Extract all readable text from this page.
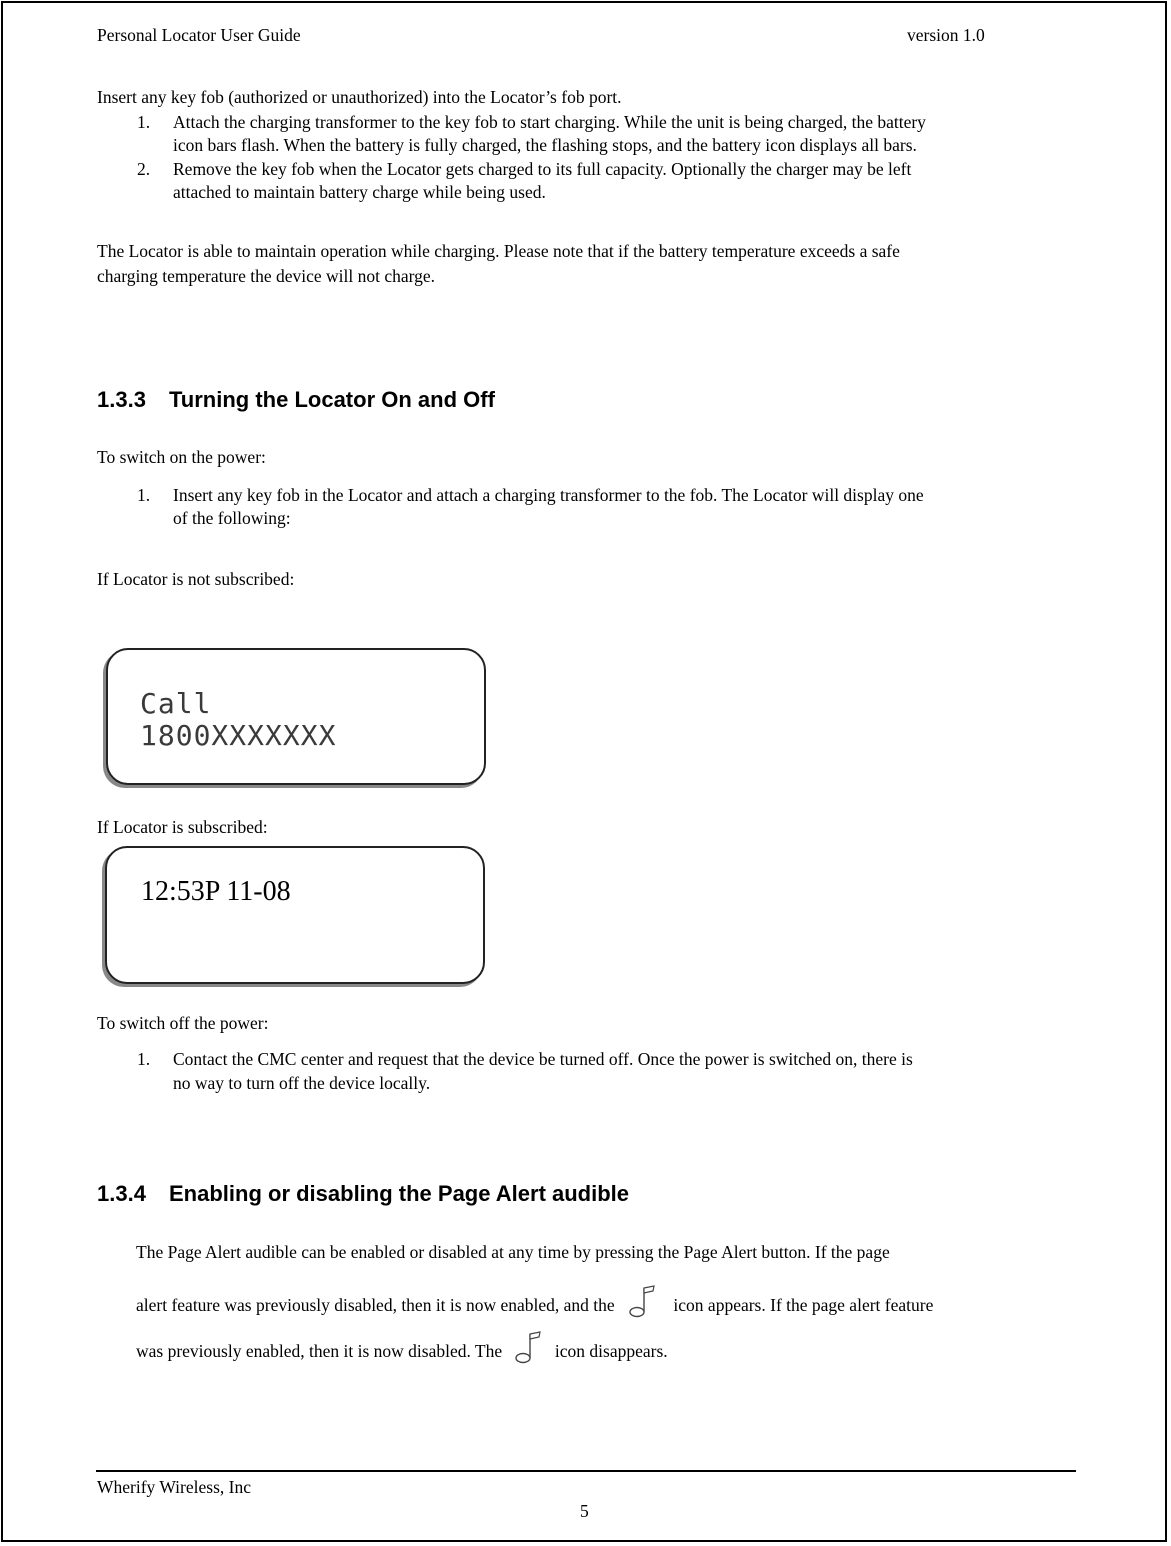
Personal Locator User Guide	version 1.0
Insert any key fob (authorized or unauthorized) into the Locator’s fob port.
1. Attach the charging transformer to the key fob to start charging. While the unit is being charged, the battery
icon bars flash. When the battery is fully charged, the flashing stops, and the battery icon displays all bars.
2. Remove the key fob when the Locator gets charged to its full capacity. Optionally the charger may be left
attached to maintain battery charge while being used.
The Locator is able to maintain operation while charging. Please note that if the battery temperature exceeds a safe
charging temperature the device will not charge.
1.3.3 Turning the Locator On and Off
To switch on the power:
1. Insert any key fob in the Locator and attach a charging transformer to the fob. The Locator will display one
of the following:
If Locator is not subscribed:
Call
1800XXXXXXX
If Locator is subscribed:
12:53P 11-08
To switch off the power:
1. Contact the CMC center and request that the device be turned off. Once the power is switched on, there is
no way to turn off the device locally.
1.3.4 Enabling or disabling the Page Alert audible
The Page Alert audible can be enabled or disabled at any time by pressing the Page Alert button. If the page
alert feature was previously disabled, then it is now enabled, and the	icon appears. If the page alert feature
was previously enabled, then it is now disabled. The	icon disappears.
Wherify Wireless, Inc
5
